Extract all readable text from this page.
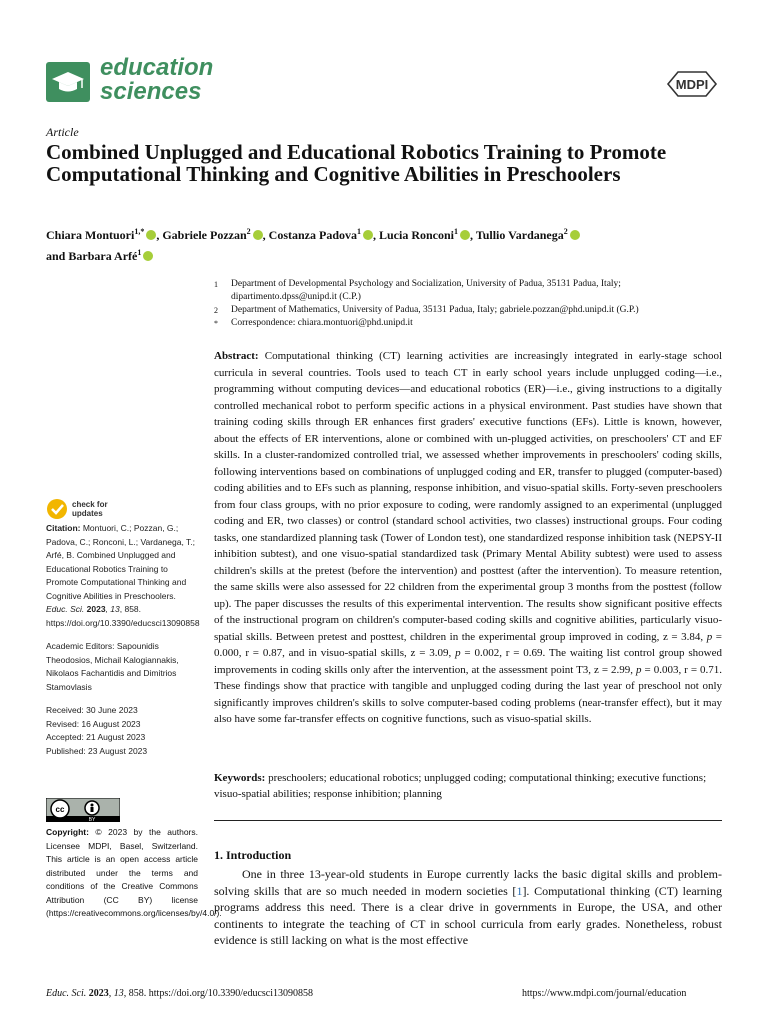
education
sciences	MDPI
Article
Combined Unplugged and Educational Robotics Training to Promote Computational Thinking and Cognitive Abilities in Preschoolers
Chiara Montuori$^{1,*}$ , Gabriele Pozzan$^2$ , Costanza Padova$^1$ , Lucia Ronconi$^1$ , Tullio Vardanega$^2$
and Barbara Arfé$^1$
1	Department of Developmental Psychology and Socialization, University of Padua, 35131 Padua, Italy; dipartimento.dpss@unipd.it (C.P.)
2	Department of Mathematics, University of Padua, 35131 Padua, Italy; gabriele.pozzan@phd.unipd.it (G.P.)
*	Correspondence: chiara.montuori@phd.unipd.it
Abstract: Computational thinking (CT) learning activities are increasingly integrated in early-stage school curricula in several countries. Tools used to teach CT in early school years include unplugged coding—i.e., programming without computing devices—and educational robotics (ER)—i.e., giving instructions to a digitally controlled mechanical robot to perform specific actions in a physical environment. Past studies have shown that training coding skills through ER enhances first graders' executive functions (EFs). Little is known, however, about the effects of ER interventions, alone or combined with un-plugged activities, on preschoolers' CT and EF skills. In a cluster-randomized controlled trial, we assessed whether improvements in preschoolers' coding skills, following interventions based on combinations of unplugged coding and ER, transfer to plugged (computer-based) coding abilities and to EFs such as planning, response inhibition, and visuo-spatial skills. Forty-seven preschoolers from four class groups, with no prior exposure to coding, were randomly assigned to an experimental (unplugged coding and ER, two classes) or control (standard school activities, two classes) instructional groups. Four coding tasks, one standardized planning task (Tower of London test), one standardized response inhibition task (NEPSY-II inhibition subtest), and one visuo-spatial standardized task (Primary Mental Ability subtest) were used to assess children's skills at the pretest (before the intervention) and posttest (after the intervention). To measure retention, the same skills were also assessed for 22 children from the experimental group 3 months from the posttest (follow up). The paper discusses the results of this experimental intervention. The results show significant positive effects of the instructional program on children's computer-based coding skills and cognitive abilities, particularly visuo-spatial skills. Between pretest and posttest, children in the experimental group improved in coding, z = 3.84, p = 0.000, r = 0.87, and in visuo-spatial skills, z = 3.09, p = 0.002, r = 0.69. The waiting list control group showed improvements in coding skills only after the intervention, at the assessment point T3, z = 2.99, p = 0.003, r = 0.71. These findings show that practice with tangible and unplugged coding during the last year of preschool not only significantly improves children's skills to solve computer-based coding problems (near-transfer effect), but it may also have some far-transfer effects on cognitive functions, such as visuo-spatial skills.
Keywords: preschoolers; educational robotics; unplugged coding; computational thinking; executive functions; visuo-spatial abilities; response inhibition; planning
1. Introduction
One in three 13-year-old students in Europe currently lacks the basic digital skills and problem-solving skills that are so much needed in modern societies [1]. Computational thinking (CT) learning programs address this need. There is a clear drive in governments in Europe, the USA, and other continents to integrate the teaching of CT in school curricula from early grades. Nonetheless, robust evidence is still lacking on what is the most effective
check for
updates

Citation: Montuori, C.; Pozzan, G.; Padova, C.; Ronconi, L.; Vardanega, T.; Arfé, B. Combined Unplugged and Educational Robotics Training to Promote Computational Thinking and Cognitive Abilities in Preschoolers. Educ. Sci. 2023, 13, 858. https://doi.org/10.3390/educsci13090858

Academic Editors: Sapounidis Theodosios, Michail Kalogiannakis, Nikolaos Fachantidis and Dimitrios Stamovlasis

Received: 30 June 2023
Revised: 16 August 2023
Accepted: 21 August 2023
Published: 23 August 2023

cc
BY
Copyright: © 2023 by the authors. Licensee MDPI, Basel, Switzerland. This article is an open access article distributed under the terms and conditions of the Creative Commons Attribution (CC BY) license (https://creativecommons.org/licenses/by/4.0/).
Educ. Sci. 2023, 13, 858. https://doi.org/10.3390/educsci13090858	https://www.mdpi.com/journal/education
